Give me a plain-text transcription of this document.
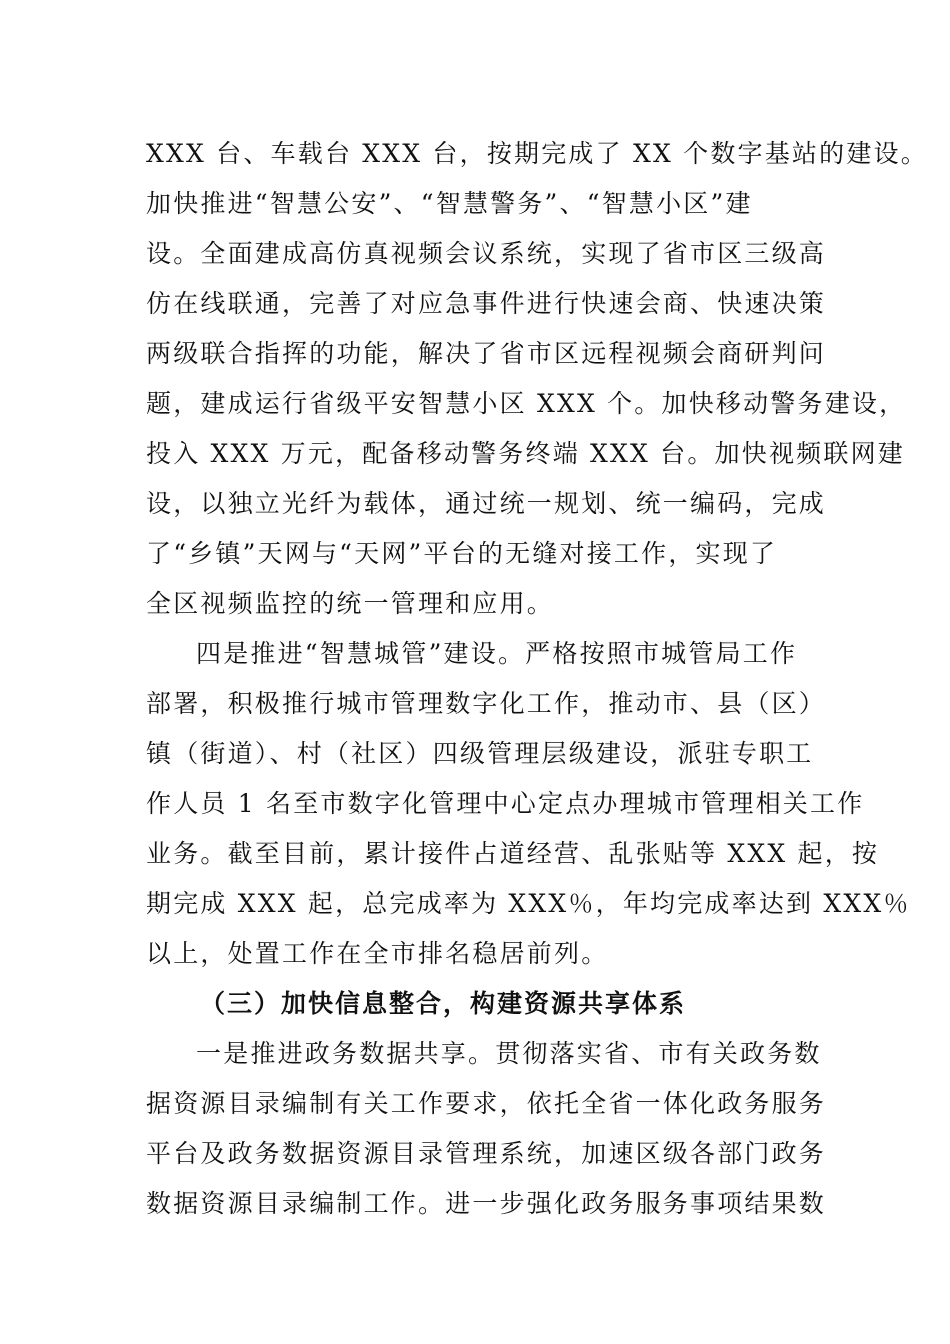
XXX 台、车载台 XXX 台，按期完成了 XX 个数字基站的建设。
加快推进“智慧公安”、“智慧警务”、“智慧小区”建
设。全面建成高仿真视频会议系统，实现了省市区三级高
仿在线联通，完善了对应急事件进行快速会商、快速决策
两级联合指挥的功能，解决了省市区远程视频会商研判问
题，建成运行省级平安智慧小区 XXX 个。加快移动警务建设，
投入 XXX 万元，配备移动警务终端 XXX 台。加快视频联网建
设，以独立光纤为载体，通过统一规划、统一编码，完成
了“乡镇”天网与“天网”平台的无缝对接工作，实现了
全区视频监控的统一管理和应用。
四是推进“智慧城管”建设。严格按照市城管局工作
部署，积极推行城市管理数字化工作，推动市、县（区）
镇（街道）、村（社区）四级管理层级建设，派驻专职工
作人员 1 名至市数字化管理中心定点办理城市管理相关工作
业务。截至目前，累计接件占道经营、乱张贴等 XXX 起，按
期完成 XXX 起，总完成率为 XXX％，年均完成率达到 XXX％
以上，处置工作在全市排名稳居前列。
（三）加快信息整合，构建资源共享体系
一是推进政务数据共享。贯彻落实省、市有关政务数
据资源目录编制有关工作要求，依托全省一体化政务服务
平台及政务数据资源目录管理系统，加速区级各部门政务
数据资源目录编制工作。进一步强化政务服务事项结果数
